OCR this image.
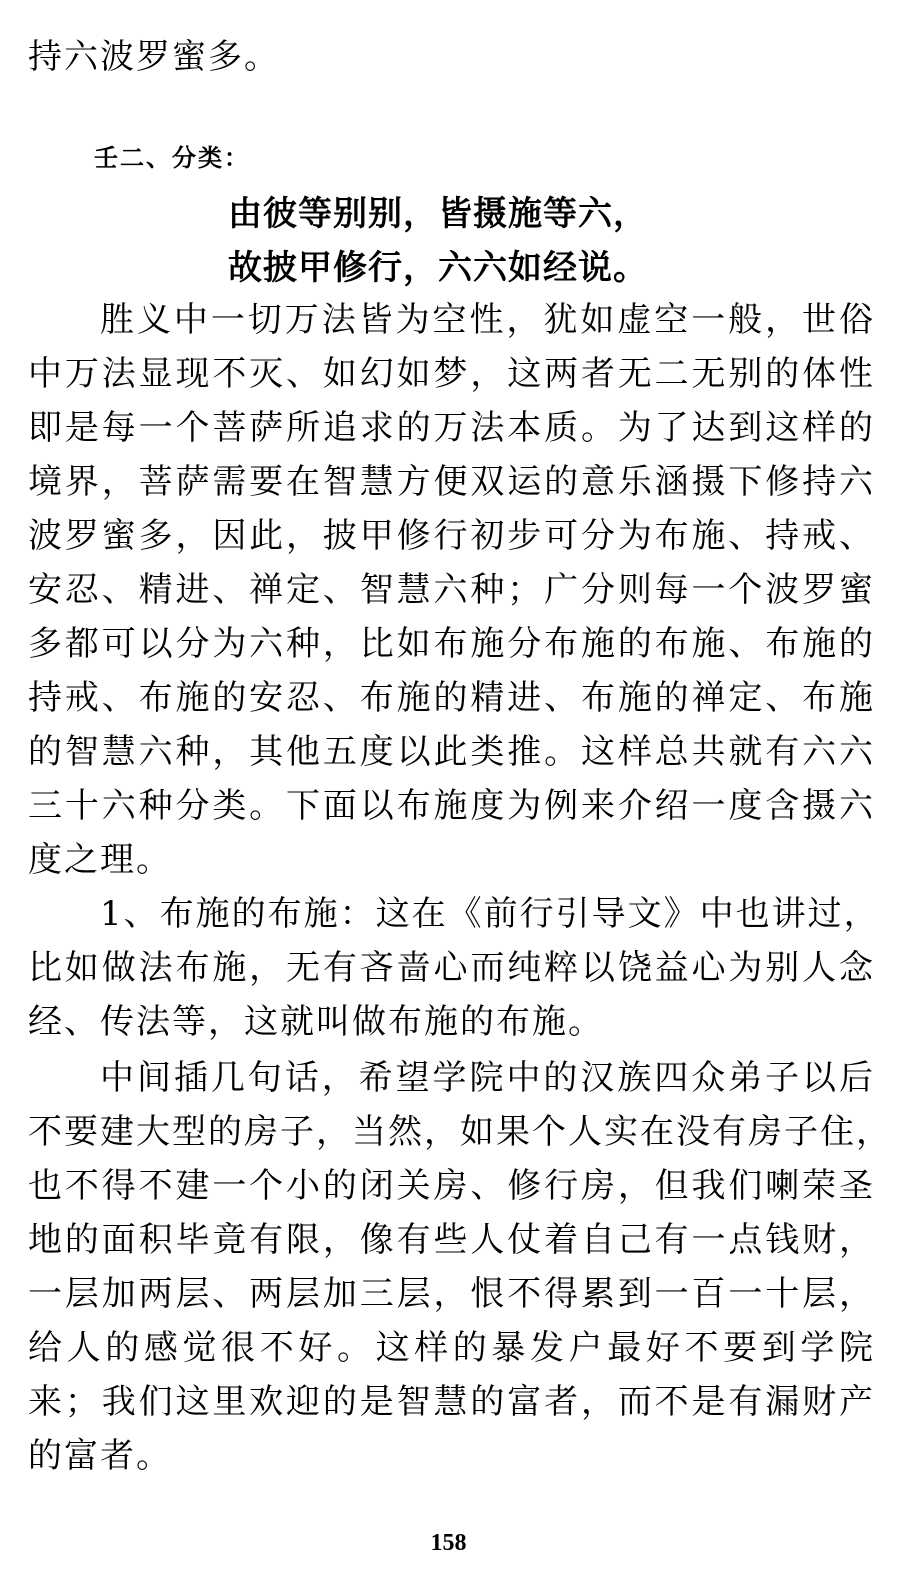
持六波罗蜜多。

壬二、分类：
由彼等别别，皆摄施等六，
故披甲修行，六六如经说。

胜义中一切万法皆为空性，犹如虚空一般，世俗

中万法显现不灭、如幻如梦，这两者无二无别的体性

即是每一个菩萨所追求的万法本质。为了达到这样的

境界，菩萨需要在智慧方便双运的意乐涵摄下修持六

波罗蜜多，因此，披甲修行初步可分为布施、持戒、

安忍、精进、禅定、智慧六种；广分则每一个波罗蜜

多都可以分为六种，比如布施分布施的布施、布施的

持戒、布施的安忍、布施的精进、布施的禅定、布施

的智慧六种，其他五度以此类推。这样总共就有六六

三十六种分类。下面以布施度为例来介绍一度含摄六

度之理。

1、布施的布施：这在《前行引导文》中也讲过，

比如做法布施，无有吝啬心而纯粹以饶益心为别人念

经、传法等，这就叫做布施的布施。

中间插几句话，希望学院中的汉族四众弟子以后

不要建大型的房子，当然，如果个人实在没有房子住，

也不得不建一个小的闭关房、修行房，但我们喇荣圣

地的面积毕竟有限，像有些人仗着自己有一点钱财，

一层加两层、两层加三层，恨不得累到一百一十层，

给人的感觉很不好。这样的暴发户最好不要到学院

来；我们这里欢迎的是智慧的富者，而不是有漏财产

的富者。

158
